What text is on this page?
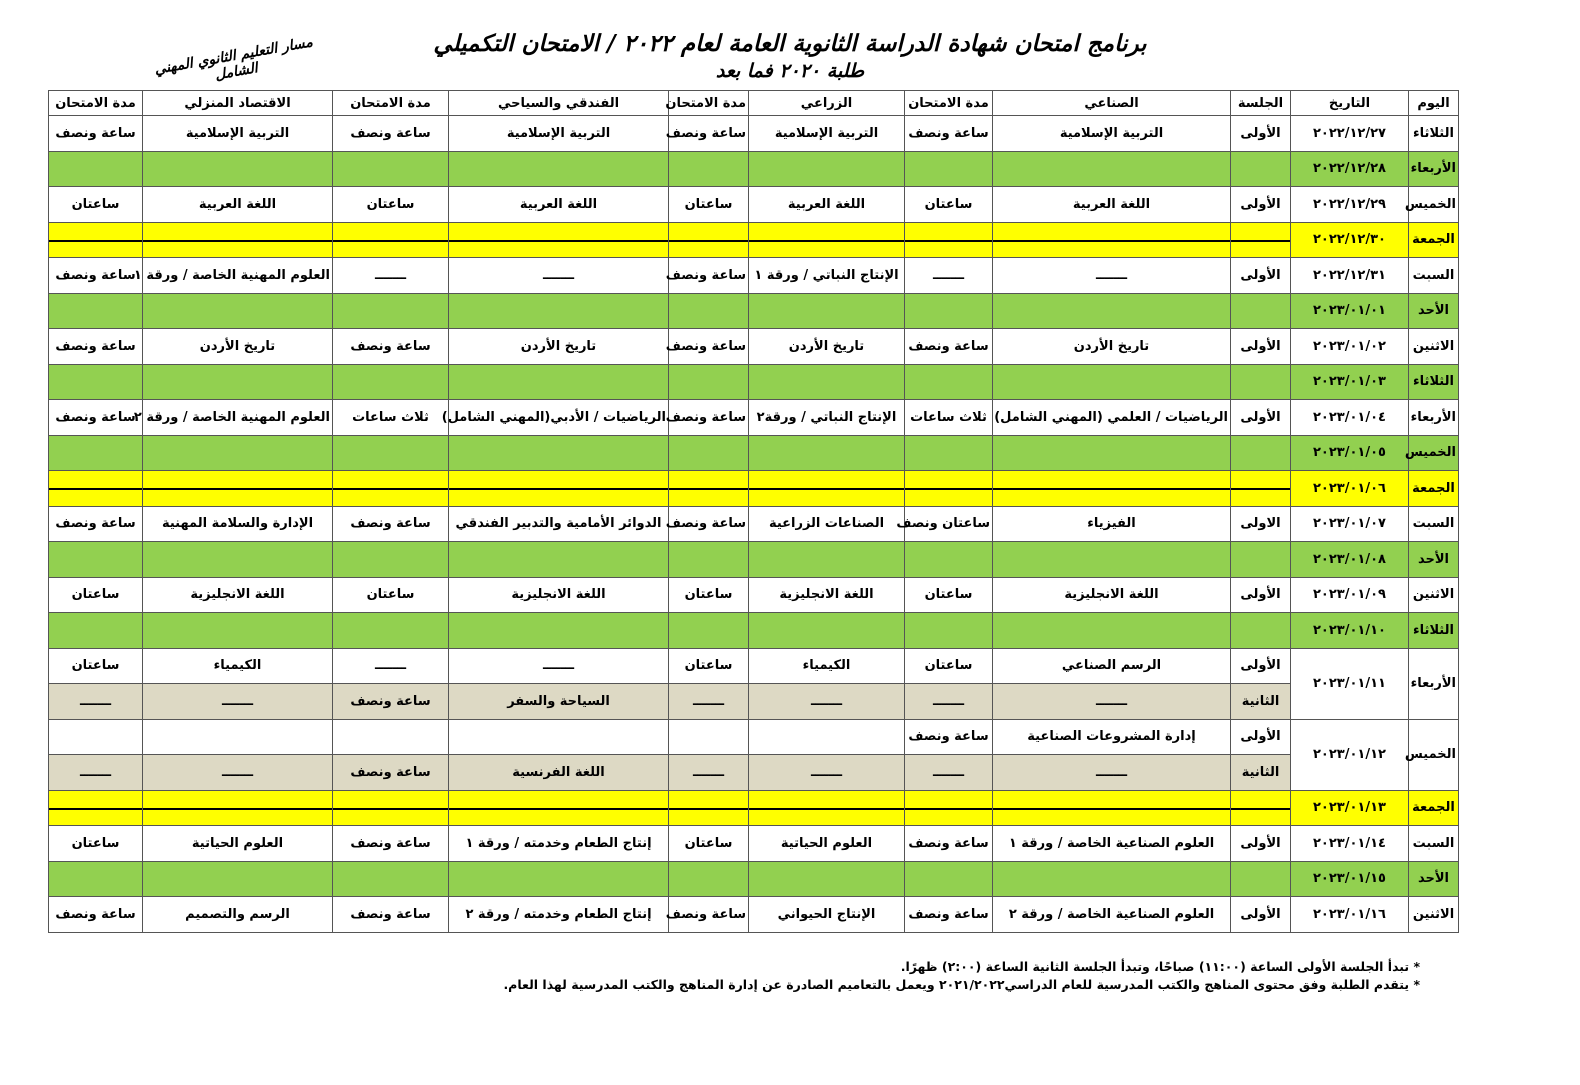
برنامج امتحان شهادة الدراسة الثانوية العامة لعام ٢٠٢٢ / الامتحان التكميلي
طلبة ٢٠٢٠ فما بعد
مسار التعليم الثانوي المهني الشامل
اليوم	التاريخ	الجلسة	الصناعي	مدة الامتحان	الزراعي	مدة الامتحان	الفندقي والسياحي	مدة الامتحان	الاقتصاد المنزلي	مدة الامتحان
الثلاثاء	٢٠٢٢/١٢/٢٧	الأولى	التربية الإسلامية	ساعة ونصف	التربية الإسلامية	ساعة ونصف	التربية الإسلامية	ساعة ونصف	التربية الإسلامية	ساعة ونصف
الأربعاء	٢٠٢٢/١٢/٢٨									
الخميس	٢٠٢٢/١٢/٢٩	الأولى	اللغة العربية	ساعتان	اللغة العربية	ساعتان	اللغة العربية	ساعتان	اللغة العربية	ساعتان
الجمعة	٢٠٢٢/١٢/٣٠	

السبت	٢٠٢٢/١٢/٣١	الأولى	ـــــــ	ـــــــ	الإنتاج النباتي / ورقة ١	ساعة ونصف	ـــــــ	ـــــــ	العلوم المهنية الخاصة / ورقة ١	ساعة ونصف
الأحد	٢٠٢٣/٠١/٠١									
الاثنين	٢٠٢٣/٠١/٠٢	الأولى	تاريخ الأردن	ساعة ونصف	تاريخ الأردن	ساعة ونصف	تاريخ الأردن	ساعة ونصف	تاريخ الأردن	ساعة ونصف
الثلاثاء	٢٠٢٣/٠١/٠٣									
الأربعاء	٢٠٢٣/٠١/٠٤	الأولى	الرياضيات / العلمي (المهني الشامل)	ثلاث ساعات	الإنتاج النباتي / ورقة٢	ساعة ونصف	الرياضيات / الأدبي(المهني الشامل)	ثلاث ساعات	العلوم المهنية الخاصة / ورقة ٢	ساعة ونصف
الخميس	٢٠٢٣/٠١/٠٥									
الجمعة	٢٠٢٣/٠١/٠٦	

السبت	٢٠٢٣/٠١/٠٧	الاولى	الفيزياء	ساعتان ونصف	الصناعات الزراعية	ساعة ونصف	الدوائر الأمامية والتدبير الفندقي	ساعة ونصف	الإدارة والسلامة المهنية	ساعة ونصف
الأحد	٢٠٢٣/٠١/٠٨									
الاثنين	٢٠٢٣/٠١/٠٩	الأولى	اللغة الانجليزية	ساعتان	اللغة الانجليزية	ساعتان	اللغة الانجليزية	ساعتان	اللغة الانجليزية	ساعتان
الثلاثاء	٢٠٢٣/٠١/١٠									
الأربعاء	٢٠٢٣/٠١/١١	الأولى	الرسم الصناعي	ساعتان	الكيمياء	ساعتان	ـــــــ	ـــــــ	الكيمياء	ساعتان
		الثانية	ـــــــ	ـــــــ	ـــــــ	ـــــــ	السياحة والسفر	ساعة ونصف	ـــــــ	ـــــــ
الخميس	٢٠٢٣/٠١/١٢	الأولى	إدارة المشروعات الصناعية	ساعة ونصف						
		الثانية	ـــــــ	ـــــــ	ـــــــ	ـــــــ	اللغة الفرنسية	ساعة ونصف	ـــــــ	ـــــــ
الجمعة	٢٠٢٣/٠١/١٣	

السبت	٢٠٢٣/٠١/١٤	الأولى	العلوم الصناعية الخاصة / ورقة ١	ساعة ونصف	العلوم الحياتية	ساعتان	إنتاج الطعام وخدمته / ورقة ١	ساعة ونصف	العلوم الحياتية	ساعتان
الأحد	٢٠٢٣/٠١/١٥									
الاثنين	٢٠٢٣/٠١/١٦	الأولى	العلوم الصناعية الخاصة / ورقة ٢	ساعة ونصف	الإنتاج الحيواني	ساعة ونصف	إنتاج الطعام وخدمته / ورقة ٢	ساعة ونصف	الرسم والتصميم	ساعة ونصف
* تبدأ الجلسة الأولى الساعة (١١:٠٠) صباحًا، وتبدأ الجلسة الثانية الساعة (٢:٠٠) ظهرًا.
* يتقدم الطلبة وفق محتوى المناهج والكتب المدرسية للعام الدراسي٢٠٢١/٢٠٢٢ ويعمل بالتعاميم الصادرة عن إدارة المناهج والكتب المدرسية لهذا العام.
